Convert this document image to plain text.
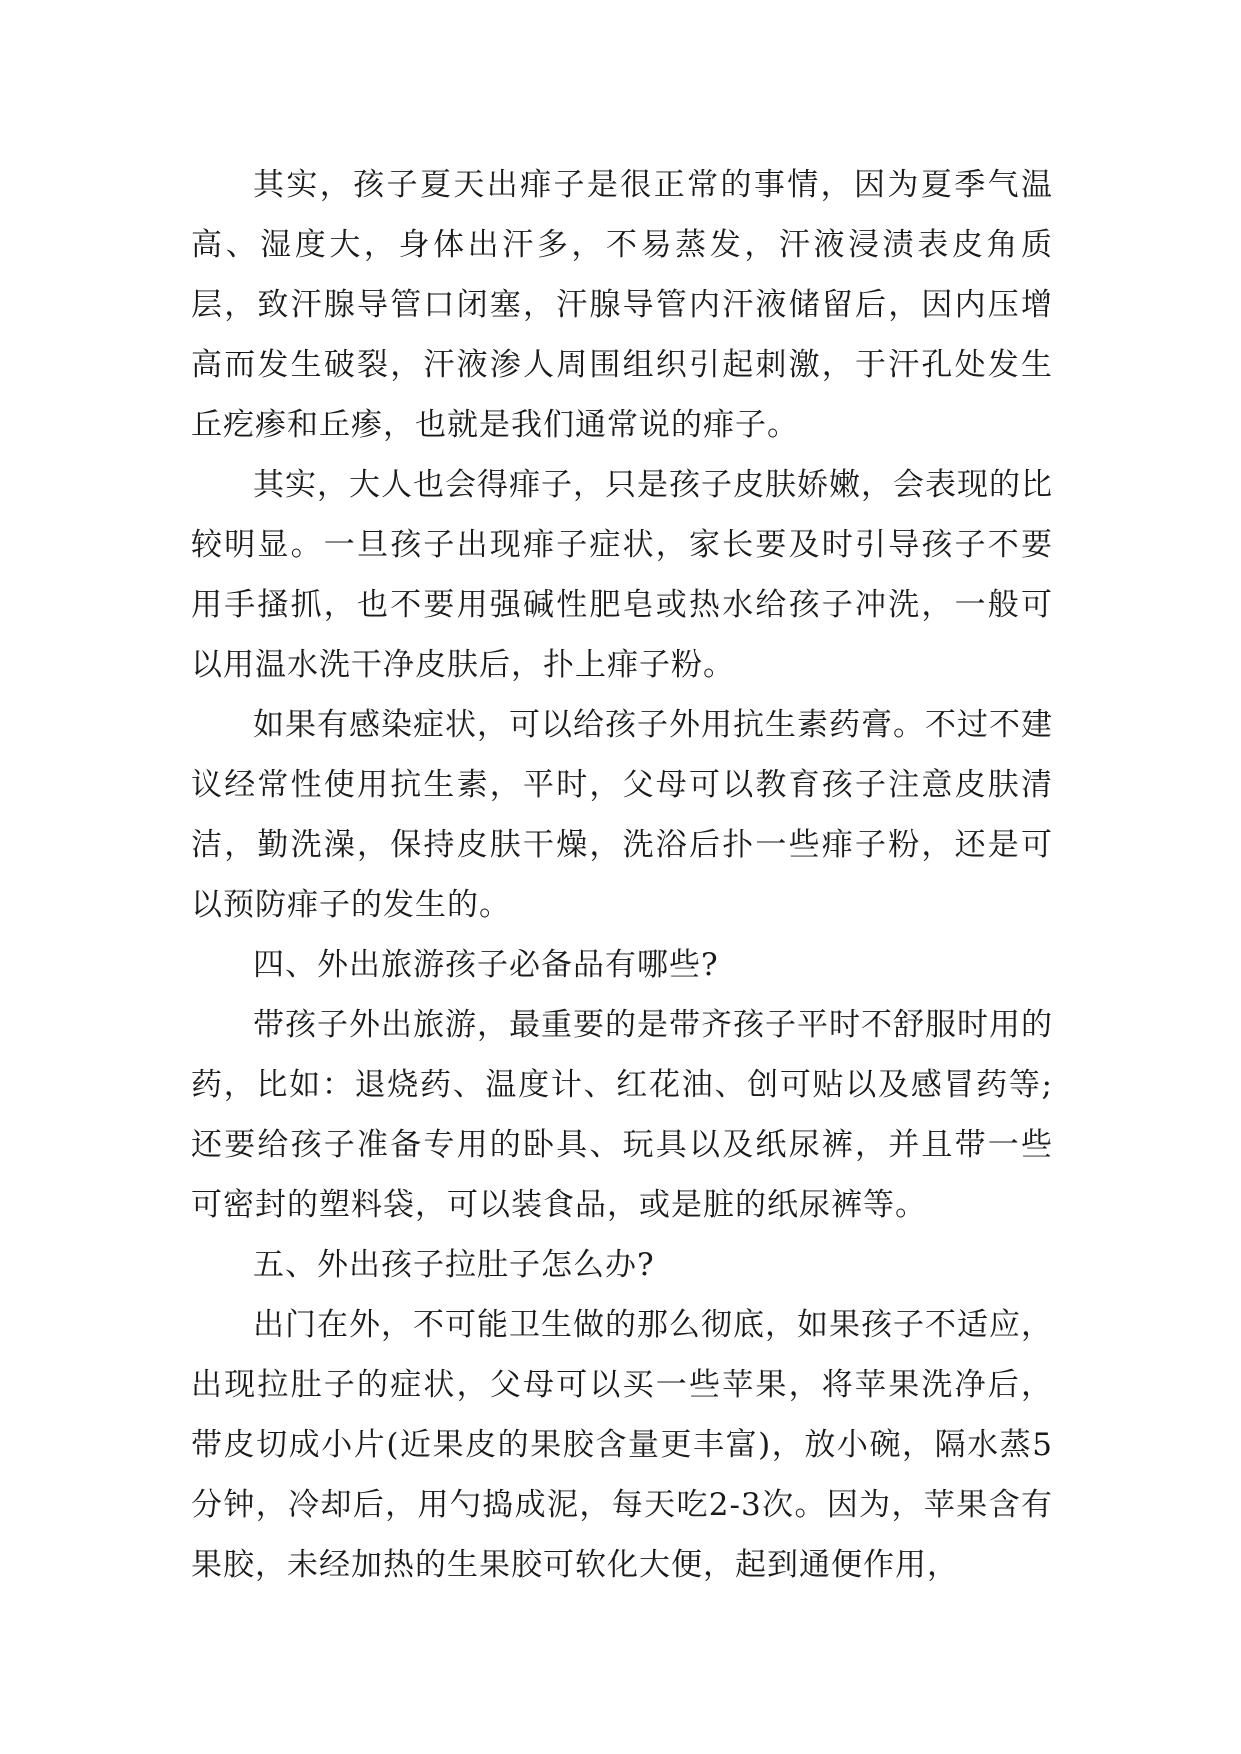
其实，孩子夏天出痱子是很正常的事情，因为夏季气温高、湿度大，身体出汗多，不易蒸发，汗液浸渍表皮角质层，致汗腺导管口闭塞，汗腺导管内汗液储留后，因内压增高而发生破裂，汗液渗人周围组织引起刺激，于汗孔处发生丘疙瘆和丘瘆，也就是我们通常说的痱子。

其实，大人也会得痱子，只是孩子皮肤娇嫩，会表现的比较明显。一旦孩子出现痱子症状，家长要及时引导孩子不要用手搔抓，也不要用强碱性肥皂或热水给孩子冲洗，一般可以用温水洗干净皮肤后，扑上痱子粉。

如果有感染症状，可以给孩子外用抗生素药膏。不过不建议经常性使用抗生素，平时，父母可以教育孩子注意皮肤清洁，勤洗澡，保持皮肤干燥，洗浴后扑一些痱子粉，还是可以预防痱子的发生的。

四、外出旅游孩子必备品有哪些?

带孩子外出旅游，最重要的是带齐孩子平时不舒服时用的药，比如：退烧药、温度计、红花油、创可贴以及感冒药等;还要给孩子准备专用的卧具、玩具以及纸尿裤，并且带一些可密封的塑料袋，可以装食品，或是脏的纸尿裤等。

五、外出孩子拉肚子怎么办?

出门在外，不可能卫生做的那么彻底，如果孩子不适应，出现拉肚子的症状，父母可以买一些苹果，将苹果洗净后，带皮切成小片(近果皮的果胶含量更丰富)，放小碗，隔水蒸5分钟，冷却后，用勺捣成泥，每天吃2-3次。因为，苹果含有果胶，未经加热的生果胶可软化大便，起到通便作用，
